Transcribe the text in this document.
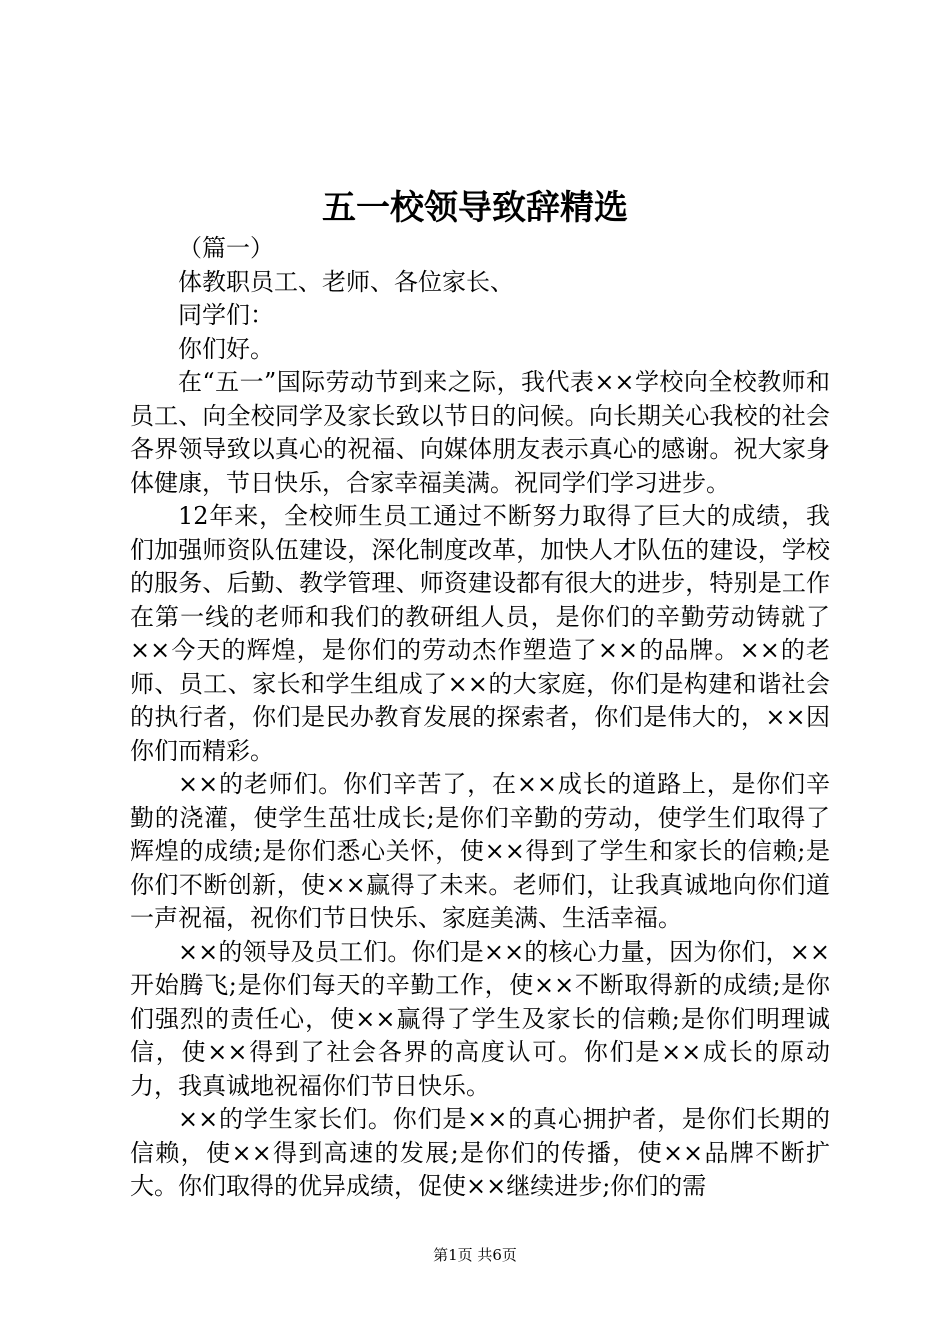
五一校领导致辞精选

（篇一）

体教职员工、老师、各位家长、

同学们：

你们好。

在“五一”国际劳动节到来之际，我代表××学校向全校教师和员工、向全校同学及家长致以节日的问候。向长期关心我校的社会各界领导致以真心的祝福、向媒体朋友表示真心的感谢。祝大家身体健康，节日快乐，合家幸福美满。祝同学们学习进步。

12年来，全校师生员工通过不断努力取得了巨大的成绩，我们加强师资队伍建设，深化制度改革，加快人才队伍的建设，学校的服务、后勤、教学管理、师资建设都有很大的进步，特别是工作在第一线的老师和我们的教研组人员，是你们的辛勤劳动铸就了××今天的辉煌，是你们的劳动杰作塑造了××的品牌。××的老师、员工、家长和学生组成了××的大家庭，你们是构建和谐社会的执行者，你们是民办教育发展的探索者，你们是伟大的，××因你们而精彩。

××的老师们。你们辛苦了，在××成长的道路上，是你们辛勤的浇灌，使学生茁壮成长;是你们辛勤的劳动，使学生们取得了辉煌的成绩;是你们悉心关怀，使××得到了学生和家长的信赖;是你们不断创新，使××赢得了未来。老师们，让我真诚地向你们道一声祝福，祝你们节日快乐、家庭美满、生活幸福。

××的领导及员工们。你们是××的核心力量，因为你们，××开始腾飞;是你们每天的辛勤工作，使××不断取得新的成绩;是你们强烈的责任心，使××赢得了学生及家长的信赖;是你们明理诚信，使××得到了社会各界的高度认可。你们是××成长的原动力，我真诚地祝福你们节日快乐。

××的学生家长们。你们是××的真心拥护者，是你们长期的信赖，使××得到高速的发展;是你们的传播，使××品牌不断扩大。你们取得的优异成绩，促使××继续进步;你们的需

第1页 共6页
